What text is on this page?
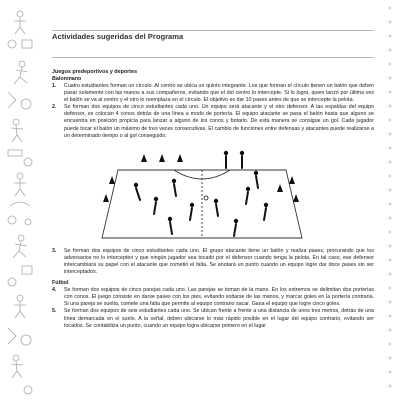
Actividades sugeridas del Programa
Juegos predeportivos y deportes
Balonmano
1. Cuatro estudiantes forman un círculo. Al centro se ubica un quinto integrante. Los que forman el círculo tienen un balón que deben pasar solamente con las manos a sus compañeros, evitando que el del centro lo intercepte. Si lo logra, quien lanzó por última vez el balón se va al centro y el otro lo reemplaza en el círculo. El objetivo es dar 10 pases antes de que se intercepte la pelota.
2. Se forman dos equipos de cinco estudiantes cada uno. Un equipo será atacante y el otro defensor. A las espaldas del equipo defensor, se colocan 4 conos detrás de una línea a modo de portería. El equipo atacante se pasa el balón hasta que alguno se encuentra en posición propicia para lanzar a alguno de los conos y botarlo. De esta manera se consigue un gol. Cada jugador puede tocar el balón un máximo de tres veces consecutivas. El cambio de funciones entre defensas y atacantes puede realizarse a un determinado tiempo o al gol conseguido.
3. Se forman dos equipos de cinco estudiantes cada uno. El grupo atacante tiene un balón y realiza pases, procurando que los adversarios no lo intercepten y que ningún jugador sea tocado por el defensor cuando tenga la pelota. En tal caso, ese defensor intercambiará su papel con el atacante que cometió el falta. Se anotará un punto cuando un equipo logre dar doce pases sin ser interceptados.
Fútbol
4. Se forman dos equipos de cinco parejas cada uno. Las parejas se toman de la mano. En los extremos se delimitan dos porterías con conos. El juego consiste en darse pases con los pies, evitando soltarse de las manos, y marcar goles en la portería contraria. Si una pareja se suelta, comete una falta que permite al equipo contrario sacar. Gana el equipo que logre cinco goles.
5. Se forman dos equipos de seis estudiantes cada uno. Se ubican frente a frente a una distancia de unos tres metros, detrás de una línea demarcada en el suelo. A la señal, deben ubicarse lo más rápido posible en el lugar del equipo contrario, evitando ser tocados. Se contabiliza un punto, cuando un equipo logra ubicarse primero en el lugar
